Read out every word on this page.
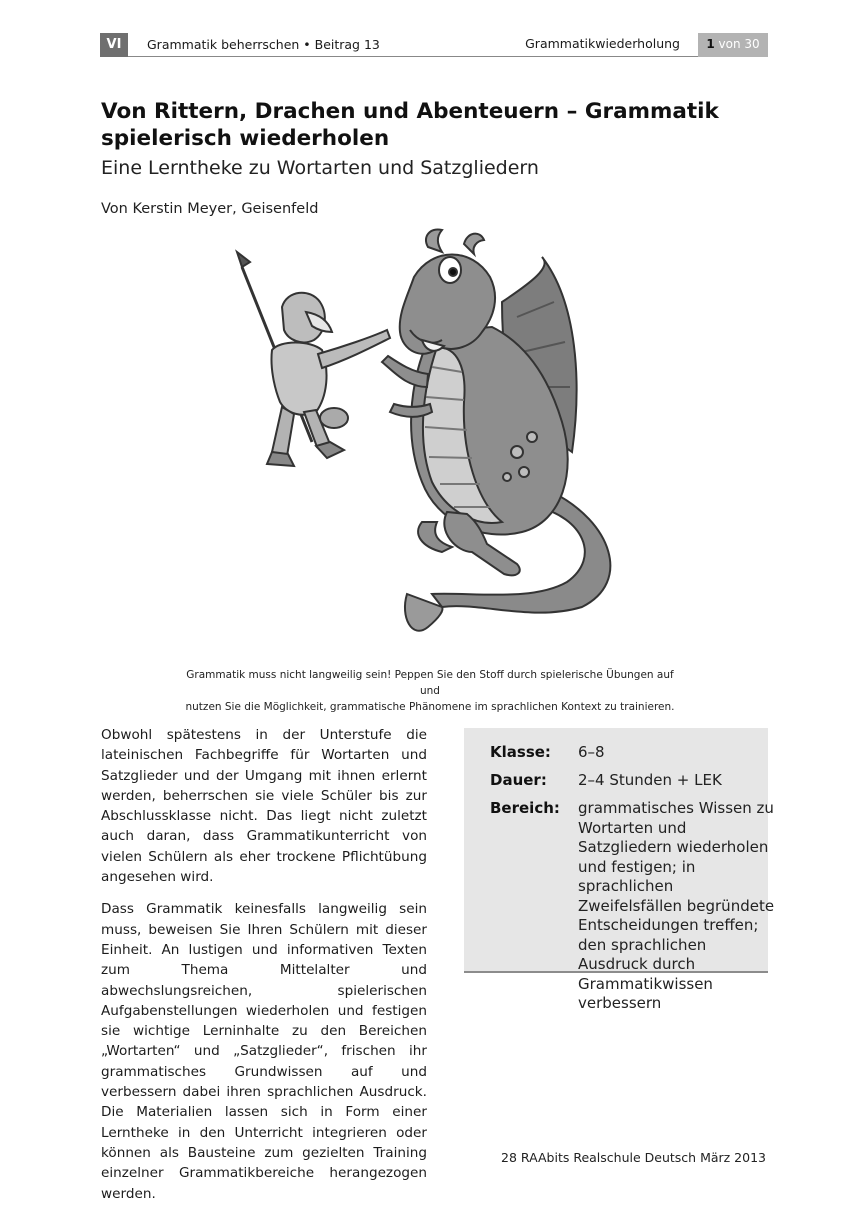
VI	Grammatik beherrschen • Beitrag 13	Grammatikwiederholung	1 von 30
Von Rittern, Drachen und Abenteuern – Grammatik spielerisch wiederholen
Eine Lerntheke zu Wortarten und Satzgliedern
Von Kerstin Meyer, Geisenfeld
Grammatik muss nicht langweilig sein! Peppen Sie den Stoff durch spielerische Übungen auf und
nutzen Sie die Möglichkeit, grammatische Phänomene im sprachlichen Kontext zu trainieren.

Obwohl spätestens in der Unterstufe die lateinischen Fachbegriffe für Wortarten und Satzglieder und der Umgang mit ihnen erlernt werden, beherrschen sie viele Schüler bis zur Abschlussklasse nicht. Das liegt nicht zuletzt auch daran, dass Grammatikunterricht von vielen Schülern als eher trockene Pflichtübung angesehen wird.

Dass Grammatik keinesfalls langweilig sein muss, beweisen Sie Ihren Schülern mit dieser Einheit. An lustigen und informativen Texten zum Thema Mittelalter und abwechslungsreichen, spielerischen Aufgabenstellungen wiederholen und festigen sie wichtige Lerninhalte zu den Bereichen „Wortarten“ und „Satzglieder“, frischen ihr grammatisches Grundwissen auf und verbessern dabei ihren sprachlichen Ausdruck. Die Materialien lassen sich in Form einer Lerntheke in den Unterricht integrieren oder können als Bausteine zum gezielten Training einzelner Grammatikbereiche herangezogen werden.

Klasse: 6–8
Dauer: 2–4 Stunden + LEK
Bereich: grammatisches Wissen zu Wortarten und Satzgliedern wiederholen und festigen; in sprachlichen Zweifelsfällen begründete Entscheidungen treffen; den sprachlichen Ausdruck durch Grammatikwissen verbessern
28 RAAbits Realschule Deutsch März 2013
